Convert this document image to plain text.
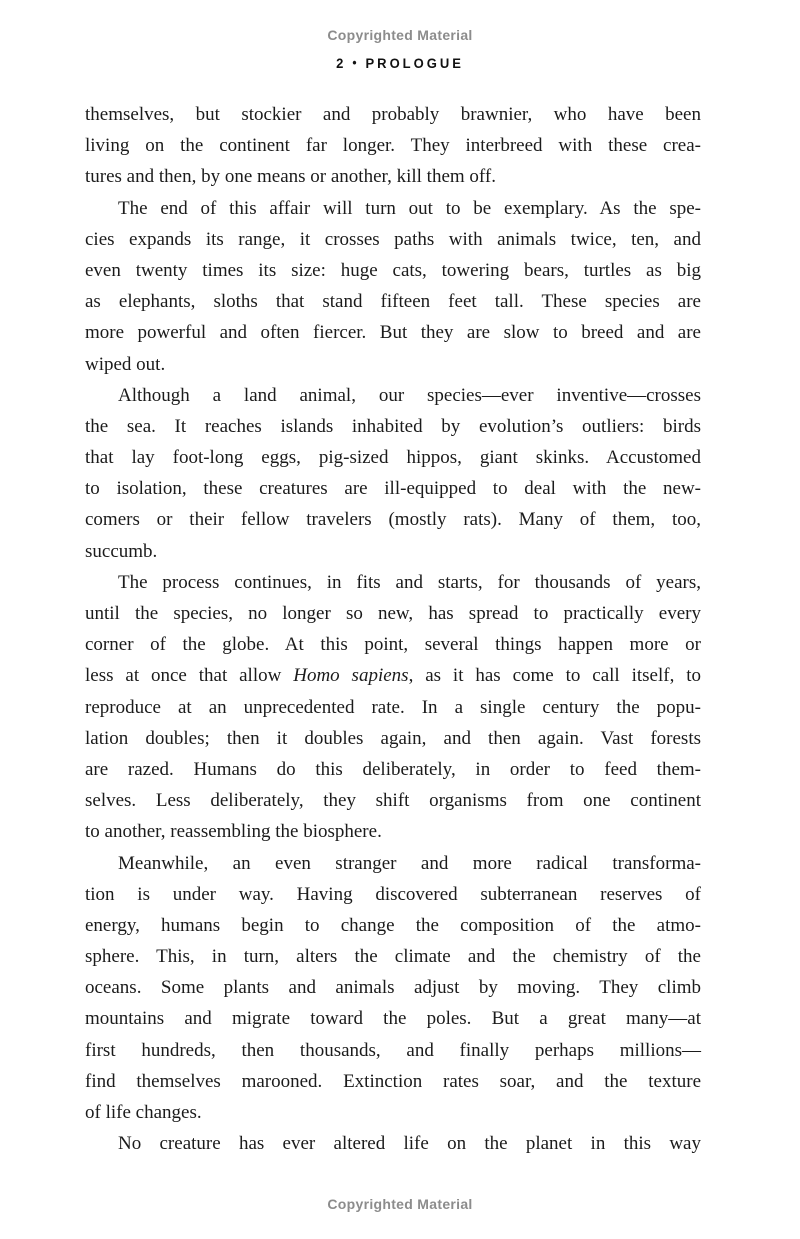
Copyrighted Material
2 • PROLOGUE
themselves, but stockier and probably brawnier, who have been
living on the continent far longer. They interbreed with these crea-
tures and then, by one means or another, kill them off.
The end of this affair will turn out to be exemplary. As the spe-
cies expands its range, it crosses paths with animals twice, ten, and
even twenty times its size: huge cats, towering bears, turtles as big
as elephants, sloths that stand fifteen feet tall. These species are
more powerful and often fiercer. But they are slow to breed and are
wiped out.
Although a land animal, our species—ever inventive—crosses
the sea. It reaches islands inhabited by evolution’s outliers: birds
that lay foot-long eggs, pig-sized hippos, giant skinks. Accustomed
to isolation, these creatures are ill-equipped to deal with the new-
comers or their fellow travelers (mostly rats). Many of them, too,
succumb.
The process continues, in fits and starts, for thousands of years,
until the species, no longer so new, has spread to practically every
corner of the globe. At this point, several things happen more or
less at once that allow Homo sapiens, as it has come to call itself, to
reproduce at an unprecedented rate. In a single century the popu-
lation doubles; then it doubles again, and then again. Vast forests
are razed. Humans do this deliberately, in order to feed them-
selves. Less deliberately, they shift organisms from one continent
to another, reassembling the biosphere.
Meanwhile, an even stranger and more radical transforma-
tion is under way. Having discovered subterranean reserves of
energy, humans begin to change the composition of the atmo-
sphere. This, in turn, alters the climate and the chemistry of the
oceans. Some plants and animals adjust by moving. They climb
mountains and migrate toward the poles. But a great many—at
first hundreds, then thousands, and finally perhaps millions—
find themselves marooned. Extinction rates soar, and the texture
of life changes.
No creature has ever altered life on the planet in this way
Copyrighted Material
